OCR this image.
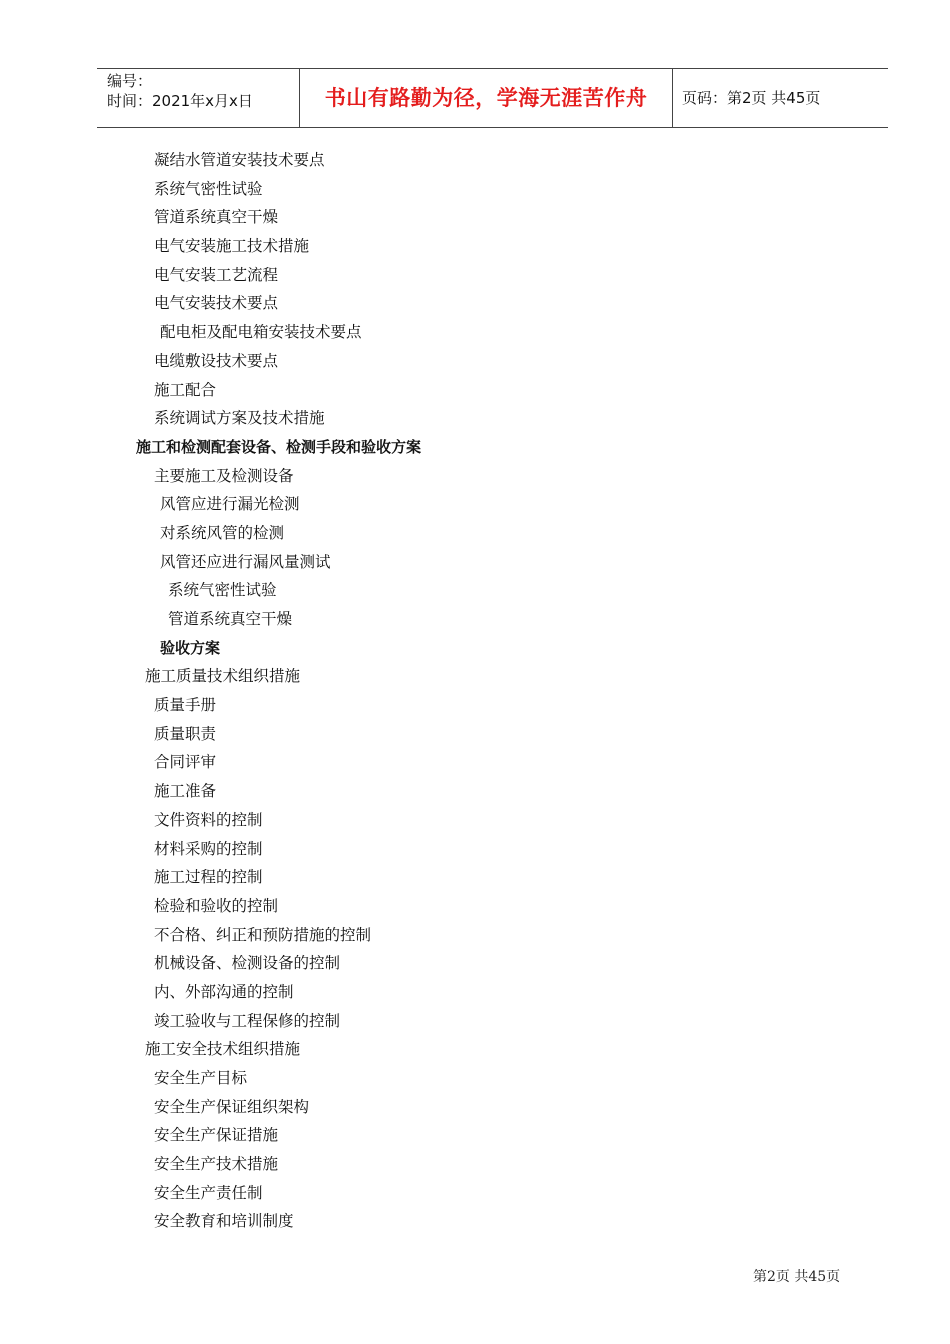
编号：
时间：2021年x月x日	书山有路勤为径，学海无涯苦作舟	页码：第2页 共45页
凝结水管道安装技术要点
系统气密性试验
管道系统真空干燥
电气安装施工技术措施
电气安装工艺流程
电气安装技术要点
配电柜及配电箱安装技术要点
电缆敷设技术要点
施工配合
系统调试方案及技术措施
施工和检测配套设备、检测手段和验收方案
主要施工及检测设备
风管应进行漏光检测
对系统风管的检测
风管还应进行漏风量测试
系统气密性试验
管道系统真空干燥
验收方案
施工质量技术组织措施
质量手册
质量职责
合同评审
施工准备
文件资料的控制
材料采购的控制
施工过程的控制
检验和验收的控制
不合格、纠正和预防措施的控制
机械设备、检测设备的控制
内、外部沟通的控制
竣工验收与工程保修的控制
施工安全技术组织措施
安全生产目标
安全生产保证组织架构
安全生产保证措施
安全生产技术措施
安全生产责任制
安全教育和培训制度
第2页 共45页
